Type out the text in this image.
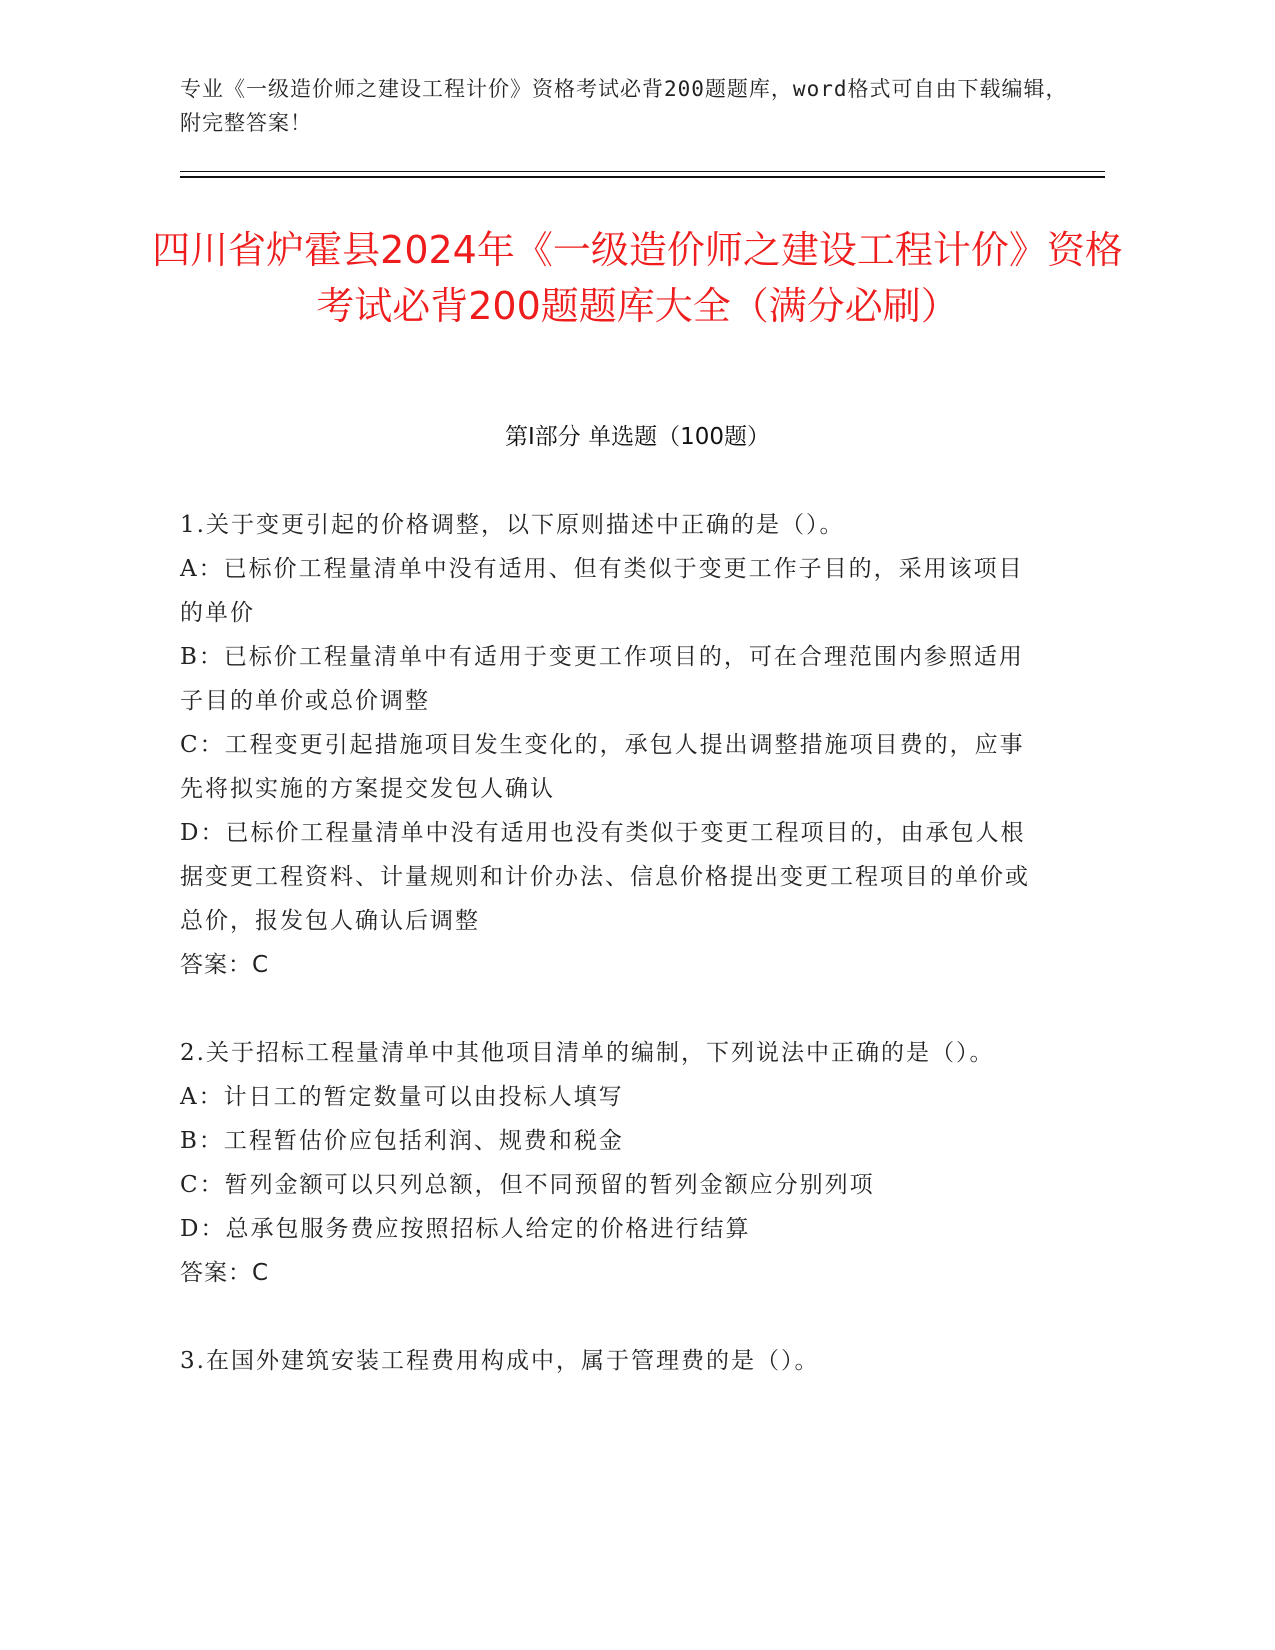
专业《一级造价师之建设工程计价》资格考试必背200题题库，word格式可自由下载编辑，附完整答案！
四川省炉霍县2024年《一级造价师之建设工程计价》资格考试必背200题题库大全（满分必刷）
第Ⅰ部分 单选题（100题）

1.关于变更引起的价格调整，以下原则描述中正确的是（）。

A：已标价工程量清单中没有适用、但有类似于变更工作子目的，采用该项目的单价

B：已标价工程量清单中有适用于变更工作项目的，可在合理范围内参照适用子目的单价或总价调整

C：工程变更引起措施项目发生变化的，承包人提出调整措施项目费的，应事先将拟实施的方案提交发包人确认

D：已标价工程量清单中没有适用也没有类似于变更工程项目的，由承包人根据变更工程资料、计量规则和计价办法、信息价格提出变更工程项目的单价或总价，报发包人确认后调整

答案：C

2.关于招标工程量清单中其他项目清单的编制，下列说法中正确的是（）。

A：计日工的暂定数量可以由投标人填写

B：工程暂估价应包括利润、规费和税金

C：暂列金额可以只列总额，但不同预留的暂列金额应分别列项

D：总承包服务费应按照招标人给定的价格进行结算

答案：C

3.在国外建筑安装工程费用构成中，属于管理费的是（）。
